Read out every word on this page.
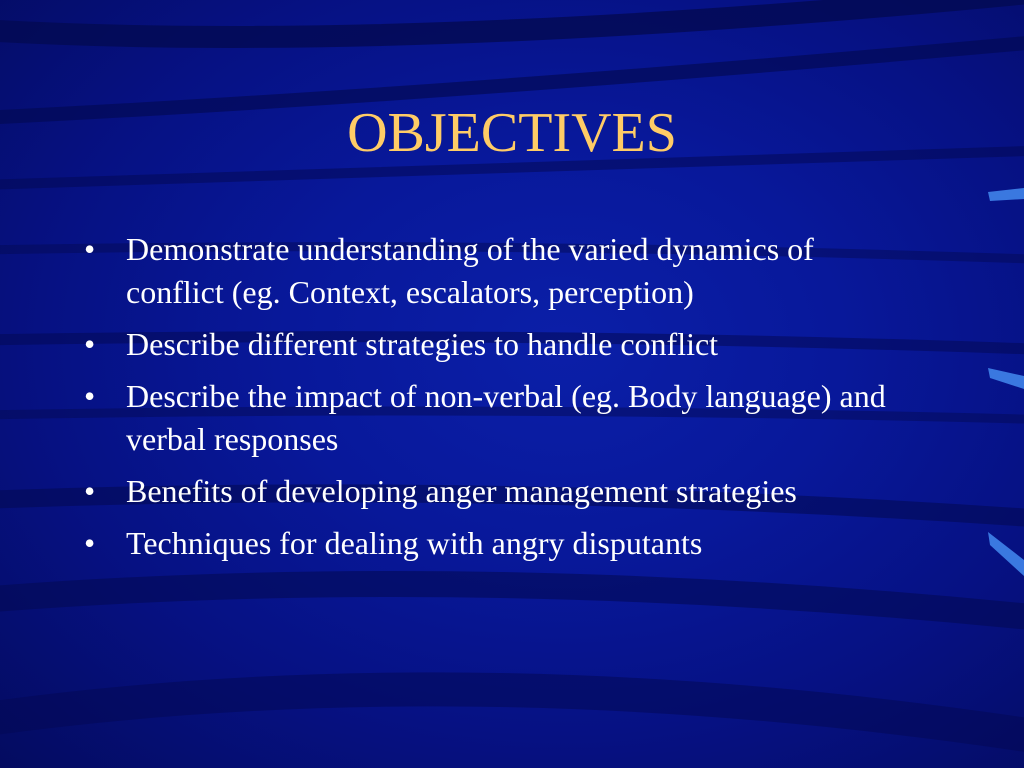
OBJECTIVES
• Demonstrate understanding of the varied dynamics of conflict (eg. Context, escalators, perception)
• Describe different strategies to handle conflict
• Describe the impact of non-verbal (eg. Body language) and verbal responses
• Benefits of developing anger management strategies
• Techniques for dealing with angry disputants
